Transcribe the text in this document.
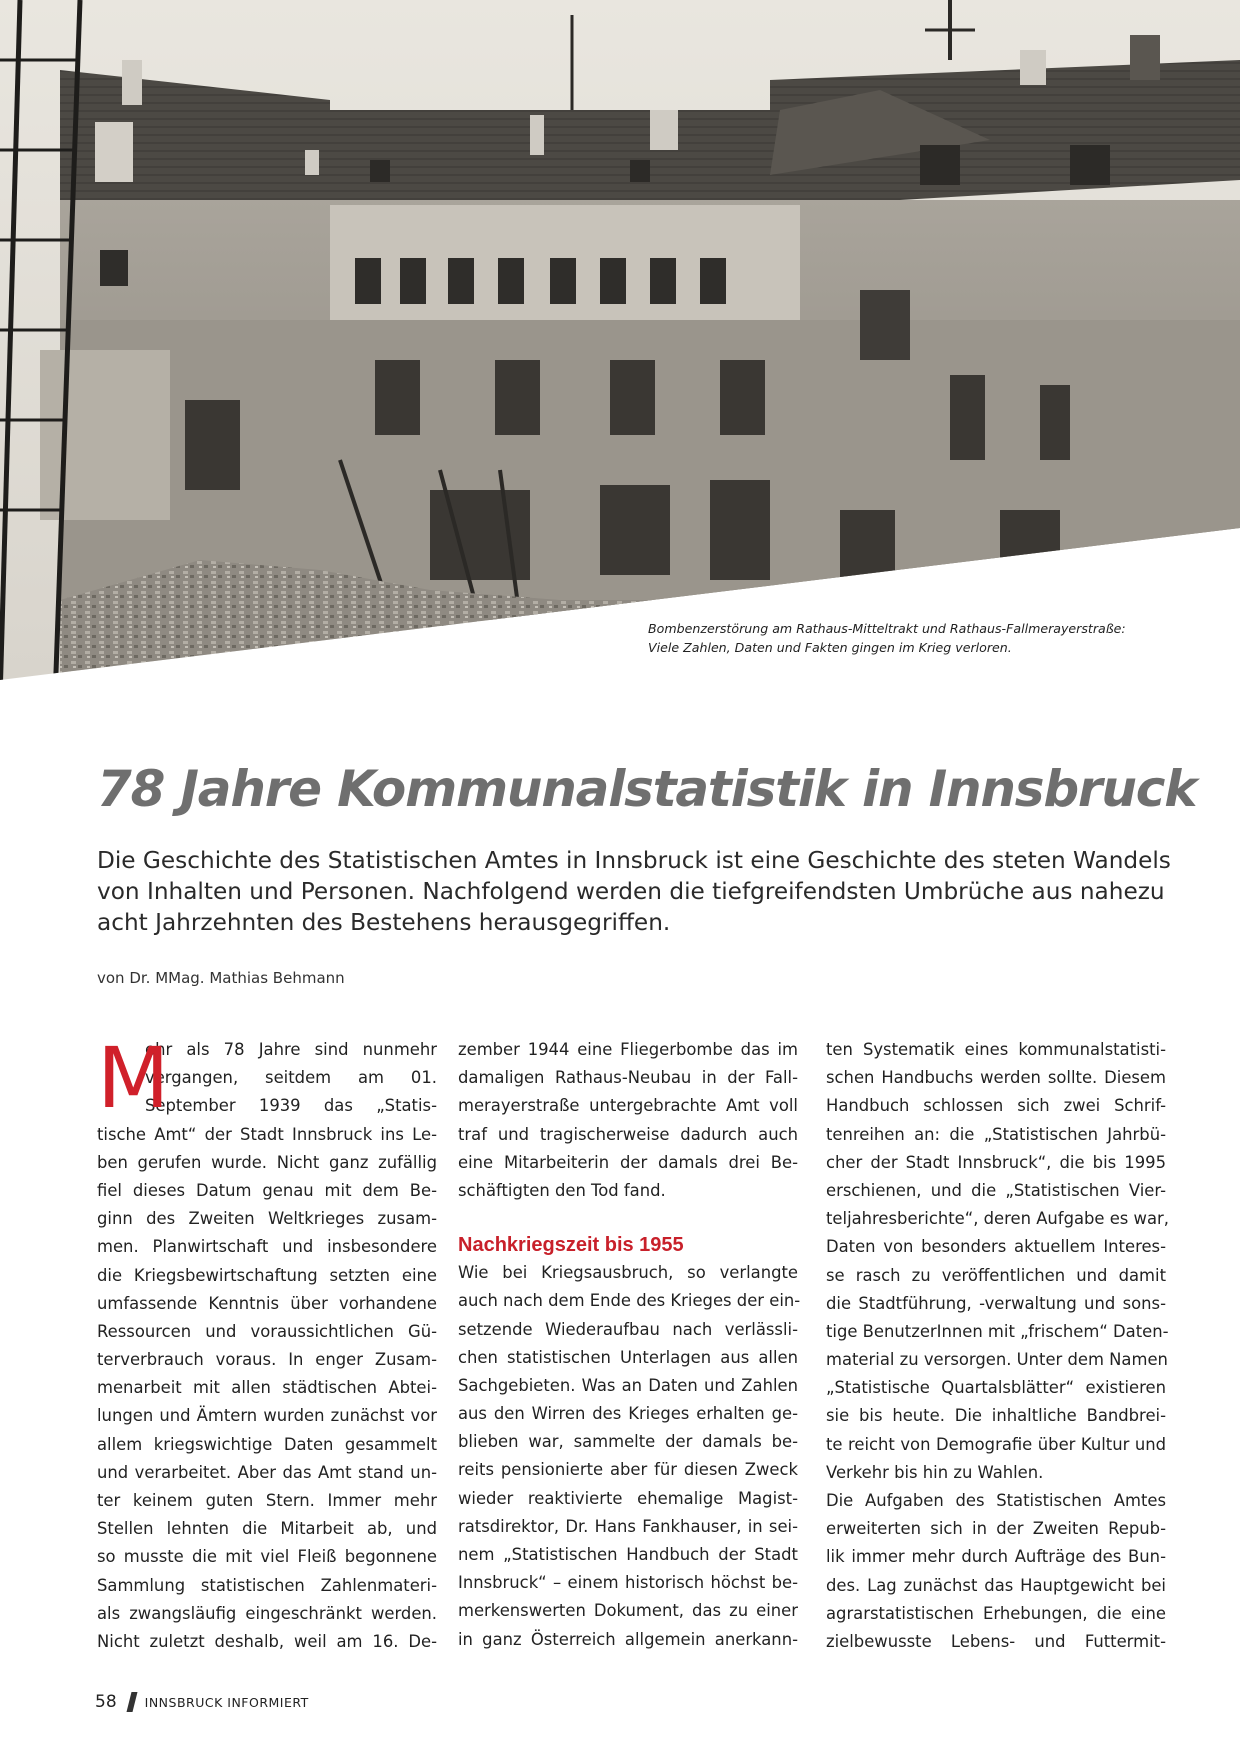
Bombenzerstörung am Rathaus-Mitteltrakt und Rathaus-Fallmerayerstraße:
Viele Zahlen, Daten und Fakten gingen im Krieg verloren.
78 Jahre Kommunalstatistik in Innsbruck
Die Geschichte des Statistischen Amtes in Innsbruck ist eine Geschichte des steten Wandels
von Inhalten und Personen. Nachfolgend werden die tiefgreifendsten Umbrüche aus nahezu
acht Jahrzehnten des Bestehens herausgegriffen.
von Dr. MMag. Mathias Behmann
M
ehr als 78 Jahre sind nunmehr
vergangen, seitdem am 01.
September 1939 das „Statis-
tische Amt“ der Stadt Innsbruck ins Le-
ben gerufen wurde. Nicht ganz zufällig
fiel dieses Datum genau mit dem Be-
ginn des Zweiten Weltkrieges zusam-
men. Planwirtschaft und insbesondere
die Kriegsbewirtschaftung setzten eine
umfassende Kenntnis über vorhandene
Ressourcen und voraussichtlichen Gü-
terverbrauch voraus. In enger Zusam-
menarbeit mit allen städtischen Abtei-
lungen und Ämtern wurden zunächst vor
allem kriegswichtige Daten gesammelt
und verarbeitet. Aber das Amt stand un-
ter keinem guten Stern. Immer mehr
Stellen lehnten die Mitarbeit ab, und
so musste die mit viel Fleiß begonnene
Sammlung statistischen Zahlenmateri-
als zwangsläufig eingeschränkt werden.
Nicht zuletzt deshalb, weil am 16. De-
zember 1944 eine Fliegerbombe das im
damaligen Rathaus-Neubau in der Fall-
merayerstraße untergebrachte Amt voll
traf und tragischerweise dadurch auch
eine Mitarbeiterin der damals drei Be-
schäftigten den Tod fand.
Nachkriegszeit bis 1955
Wie bei Kriegsausbruch, so verlangte
auch nach dem Ende des Krieges der ein-
setzende Wiederaufbau nach verlässli-
chen statistischen Unterlagen aus allen
Sachgebieten. Was an Daten und Zahlen
aus den Wirren des Krieges erhalten ge-
blieben war, sammelte der damals be-
reits pensionierte aber für diesen Zweck
wieder reaktivierte ehemalige Magist-
ratsdirektor, Dr. Hans Fankhauser, in sei-
nem „Statistischen Handbuch der Stadt
Innsbruck“ – einem historisch höchst be-
merkenswerten Dokument, das zu einer
in ganz Österreich allgemein anerkann-
ten Systematik eines kommunalstatisti-
schen Handbuchs werden sollte. Diesem
Handbuch schlossen sich zwei Schrif-
tenreihen an: die „Statistischen Jahrbü-
cher der Stadt Innsbruck“, die bis 1995
erschienen, und die „Statistischen Vier-
teljahresberichte“, deren Aufgabe es war,
Daten von besonders aktuellem Interes-
se rasch zu veröffentlichen und damit
die Stadtführung, -verwaltung und sons-
tige BenutzerInnen mit „frischem“ Daten-
material zu versorgen. Unter dem Namen
„Statistische Quartalsblätter“ existieren
sie bis heute. Die inhaltliche Bandbrei-
te reicht von Demografie über Kultur und
Verkehr bis hin zu Wahlen.
Die Aufgaben des Statistischen Amtes
erweiterten sich in der Zweiten Repub-
lik immer mehr durch Aufträge des Bun-
des. Lag zunächst das Hauptgewicht bei
agrarstatistischen Erhebungen, die eine
zielbewusste Lebens- und Futtermit-
58 INNSBRUCK INFORMIERT
